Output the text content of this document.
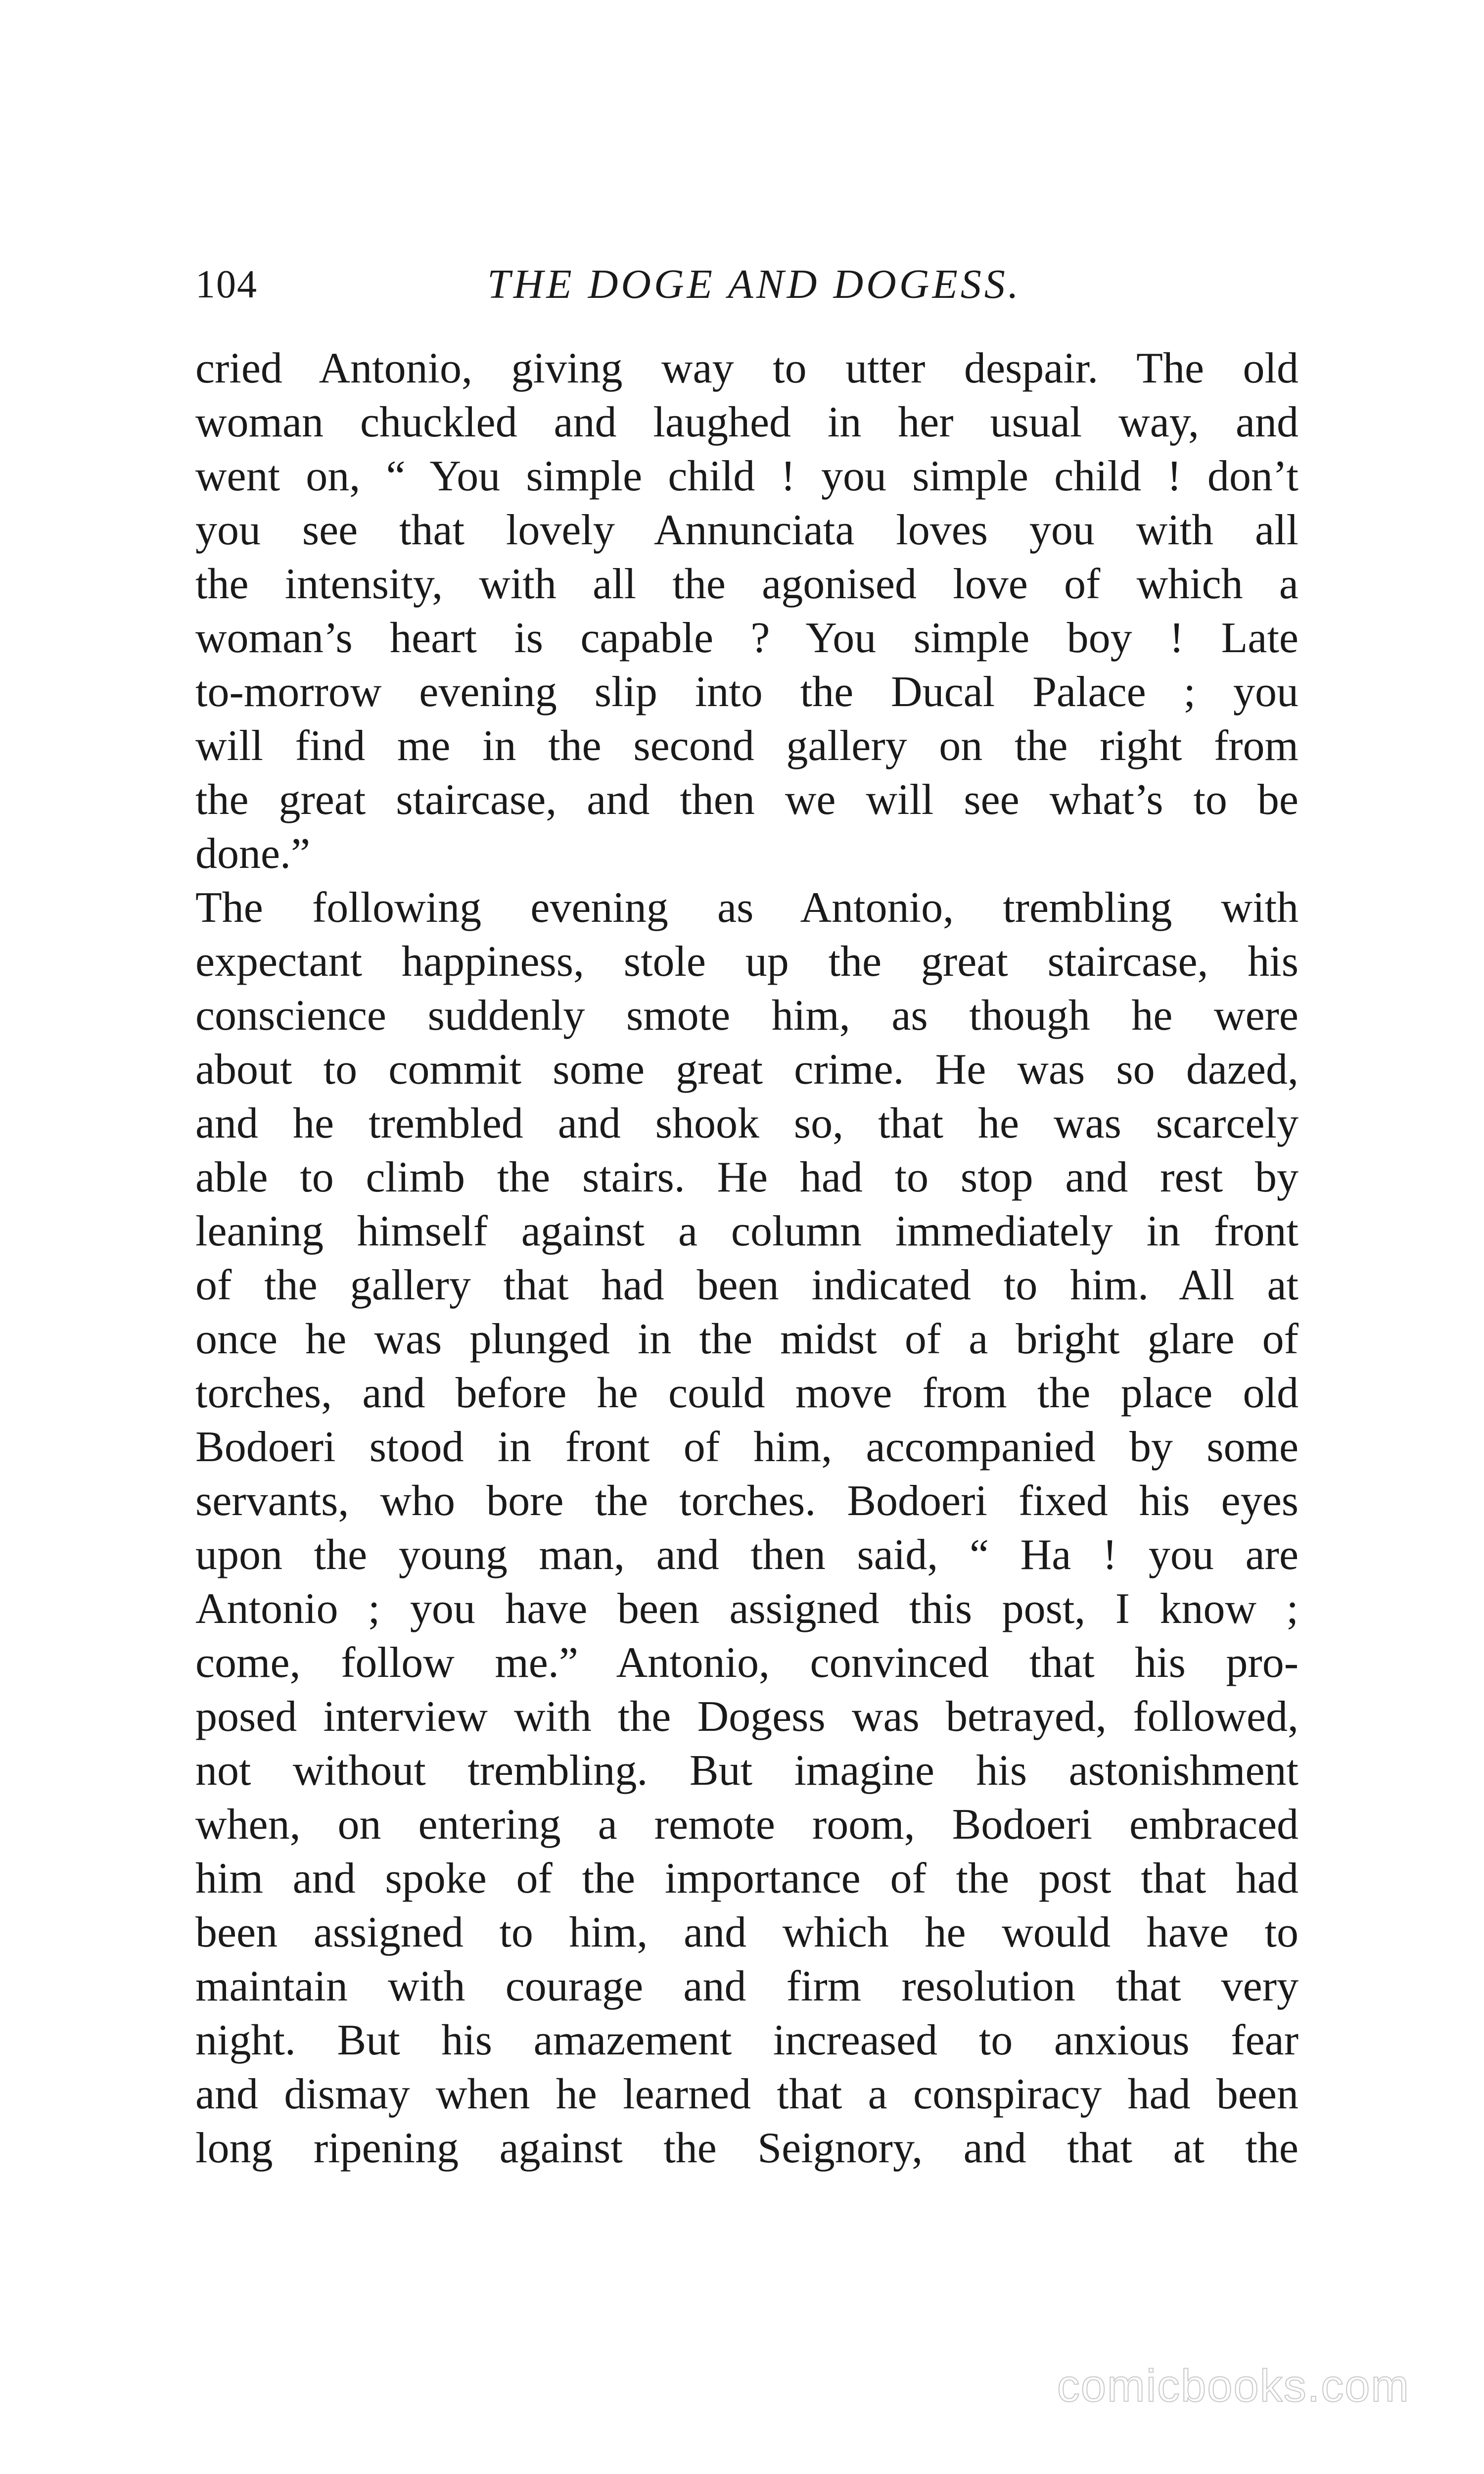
104	THE DOGE AND DOGESS.
cried Antonio, giving way to utter despair. The old
woman chuckled and laughed in her usual way, and
went on, “ You simple child ! you simple child ! don’t
you see that lovely Annunciata loves you with all
the intensity, with all the agonised love of which a
woman’s heart is capable ? You simple boy ! Late
to-morrow evening slip into the Ducal Palace ; you
will find me in the second gallery on the right from
the great staircase, and then we will see what’s to be
done.”
The following evening as Antonio, trembling with
expectant happiness, stole up the great staircase, his
conscience suddenly smote him, as though he were
about to commit some great crime. He was so dazed,
and he trembled and shook so, that he was scarcely
able to climb the stairs. He had to stop and rest by
leaning himself against a column immediately in front
of the gallery that had been indicated to him. All at
once he was plunged in the midst of a bright glare of
torches, and before he could move from the place old
Bodoeri stood in front of him, accompanied by some
servants, who bore the torches. Bodoeri fixed his eyes
upon the young man, and then said, “ Ha ! you are
Antonio ; you have been assigned this post, I know ;
come, follow me.” Antonio, convinced that his pro-
posed interview with the Dogess was betrayed, followed,
not without trembling. But imagine his astonishment
when, on entering a remote room, Bodoeri embraced
him and spoke of the importance of the post that had
been assigned to him, and which he would have to
maintain with courage and firm resolution that very
night. But his amazement increased to anxious fear
and dismay when he learned that a conspiracy had been
long ripening against the Seignory, and that at the
comicbooks.com
